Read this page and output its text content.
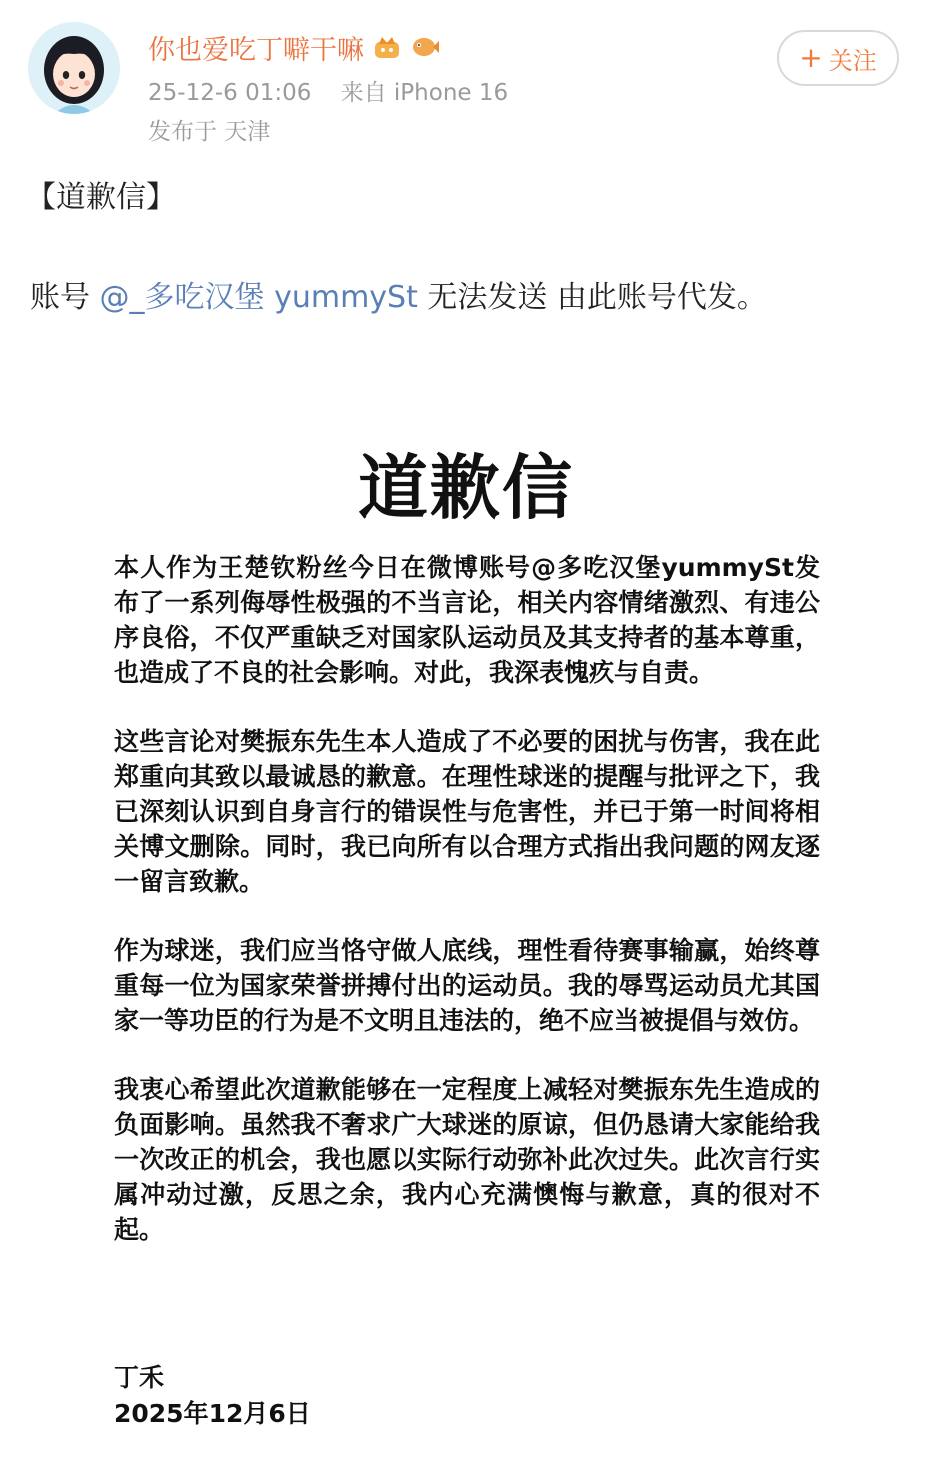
你也爱吃丁噼干嘛
25-12-6 01:06 来自 iPhone 16
发布于 天津
+ 关注
【道歉信】
账号 @_多吃汉堡 yummySt 无法发送 由此账号代发。
道歉信

本人作为王楚钦粉丝今日在微博账号@多吃汉堡yummySt发布了一系列侮辱性极强的不当言论，相关内容情绪激烈、有违公序良俗，不仅严重缺乏对国家队运动员及其支持者的基本尊重，也造成了不良的社会影响。对此，我深表愧疚与自责。

这些言论对樊振东先生本人造成了不必要的困扰与伤害，我在此郑重向其致以最诚恳的歉意。在理性球迷的提醒与批评之下，我已深刻认识到自身言行的错误性与危害性，并已于第一时间将相关博文删除。同时，我已向所有以合理方式指出我问题的网友逐一留言致歉。

作为球迷，我们应当恪守做人底线，理性看待赛事输赢，始终尊重每一位为国家荣誉拼搏付出的运动员。我的辱骂运动员尤其国家一等功臣的行为是不文明且违法的，绝不应当被提倡与效仿。

我衷心希望此次道歉能够在一定程度上减轻对樊振东先生造成的负面影响。虽然我不奢求广大球迷的原谅，但仍恳请大家能给我一次改正的机会，我也愿以实际行动弥补此次过失。此次言行实属冲动过激，反思之余，我内心充满懊悔与歉意，真的很对不起。

丁禾
2025年12月6日
